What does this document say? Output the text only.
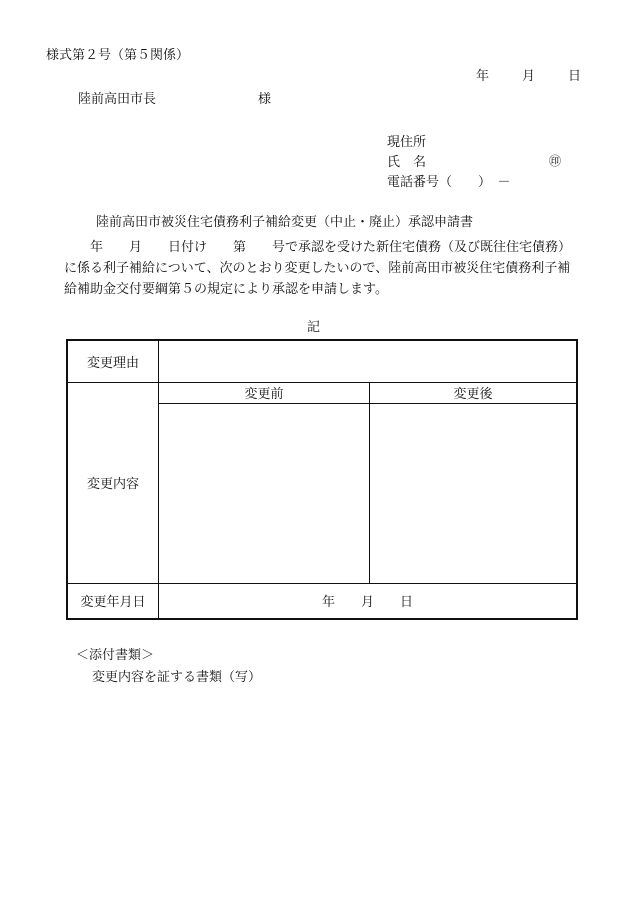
様式第２号（第５関係）
年	月	日
陸前高田市長	様
現住所
氏　名	㊞
電話番号（　　）　－
陸前高田市被災住宅債務利子補給変更（中止・廃止）承認申請書
　　年　　月　　日付け　　第　　号で承認を受けた新住宅債務（及び既往住宅債務）に係る利子補給について、次のとおり変更したいので、陸前高田市被災住宅債務利子補給補助金交付要綱第５の規定により承認を申請します。
記
変更理由		
変更内容	変更前	変更後

変更年月日	年　　月　　日	
＜添付書類＞
変更内容を証する書類（写）
